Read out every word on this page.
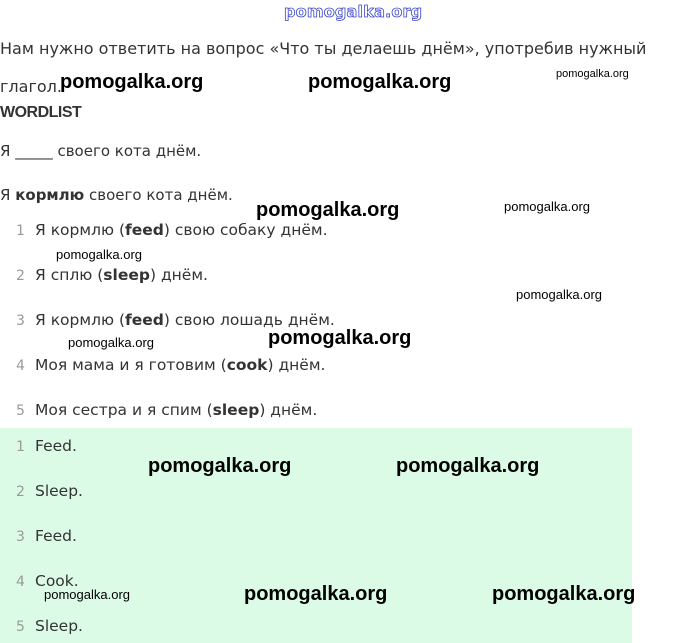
pomogalka.org
Нам нужно ответить на вопрос «Что ты делаешь днём», употребив нужный глагол.
WORDLIST
Я _____ своего кота днём.
Я кормлю своего кота днём.
1 Я кормлю (feed) свою собаку днём.
2 Я сплю (sleep) днём.
3 Я кормлю (feed) свою лошадь днём.
4 Моя мама и я готовим (cook) днём.
5 Моя сестра и я спим (sleep) днём.
1 Feed.
2 Sleep.
3 Feed.
4 Cook.
5 Sleep.
pomogalka.org	pomogalka.org	pomogalka.org
pomogalka.org	pomogalka.org
pomogalka.org
pomogalka.org
pomogalka.org
pomogalka.org
pomogalka.org	pomogalka.org
pomogalka.org	pomogalka.org	pomogalka.org
